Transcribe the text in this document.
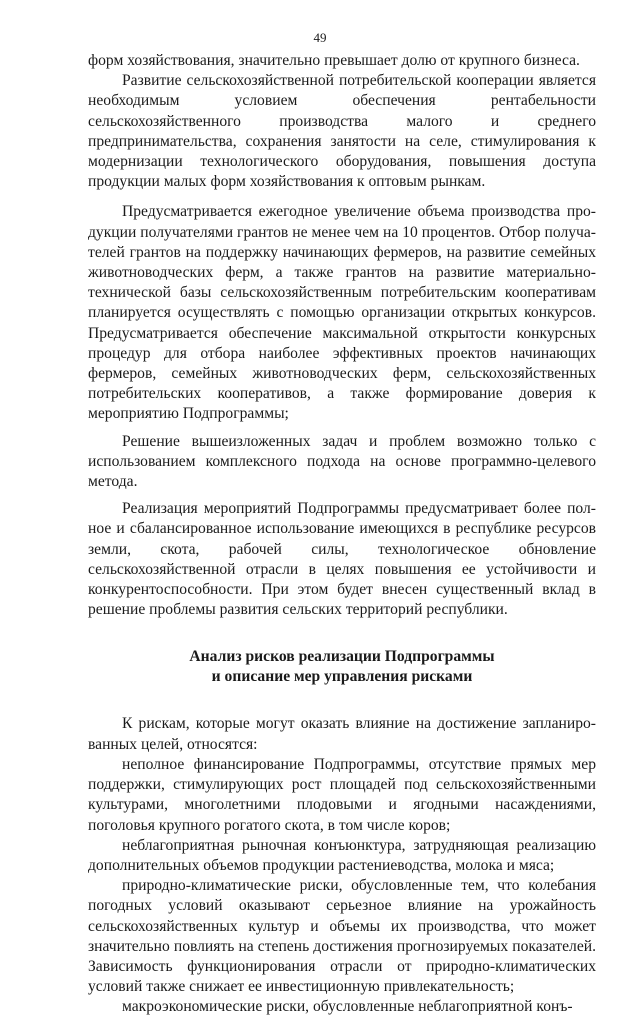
49

форм хозяйствования, значительно превышает долю от крупного бизнеса.

Развитие сельскохозяйственной потребительской кооперации является необходимым условием обеспечения рентабельности сельскохозяйственного производства малого и среднего предпринимательства, сохранения занятости на селе, стимулирования к модернизации технологического оборудования, повышения доступа продукции малых форм хозяйствования к оптовым рынкам.

Предусматривается ежегодное увеличение объема производства продукции получателями грантов не менее чем на 10 процентов. Отбор получателей грантов на поддержку начинающих фермеров, на развитие семейных животноводческих ферм, а также грантов на развитие материально-технической базы сельскохозяйственным потребительским кооперативам планируется осуществлять с помощью организации открытых конкурсов. Предусматривается обеспечение максимальной открытости конкурсных процедур для отбора наиболее эффективных проектов начинающих фермеров, семейных животноводческих ферм, сельскохозяйственных потребительских кооперативов, а также формирование доверия к мероприятию Подпрограммы;

Решение вышеизложенных задач и проблем возможно только с использованием комплексного подхода на основе программно-целевого метода.

Реализация мероприятий Подпрограммы предусматривает более полное и сбалансированное использование имеющихся в республике ресурсов земли, скота, рабочей силы, технологическое обновление сельскохозяйственной отрасли в целях повышения ее устойчивости и конкурентоспособности. При этом будет внесен существенный вклад в решение проблемы развития сельских территорий республики.

Анализ рисков реализации Подпрограммы
и описание мер управления рисками

К рискам, которые могут оказать влияние на достижение запланированных целей, относятся:

неполное финансирование Подпрограммы, отсутствие прямых мер поддержки, стимулирующих рост площадей под сельскохозяйственными культурами, многолетними плодовыми и ягодными насаждениями, поголовья крупного рогатого скота, в том числе коров;

неблагоприятная рыночная конъюнктура, затрудняющая реализацию дополнительных объемов продукции растениеводства, молока и мяса;

природно-климатические риски, обусловленные тем, что колебания погодных условий оказывают серьезное влияние на урожайность сельскохозяйственных культур и объемы их производства, что может значительно повлиять на степень достижения прогнозируемых показателей. Зависимость функционирования отрасли от природно-климатических условий также снижает ее инвестиционную привлекательность;

макроэкономические риски, обусловленные неблагоприятной конъ-
